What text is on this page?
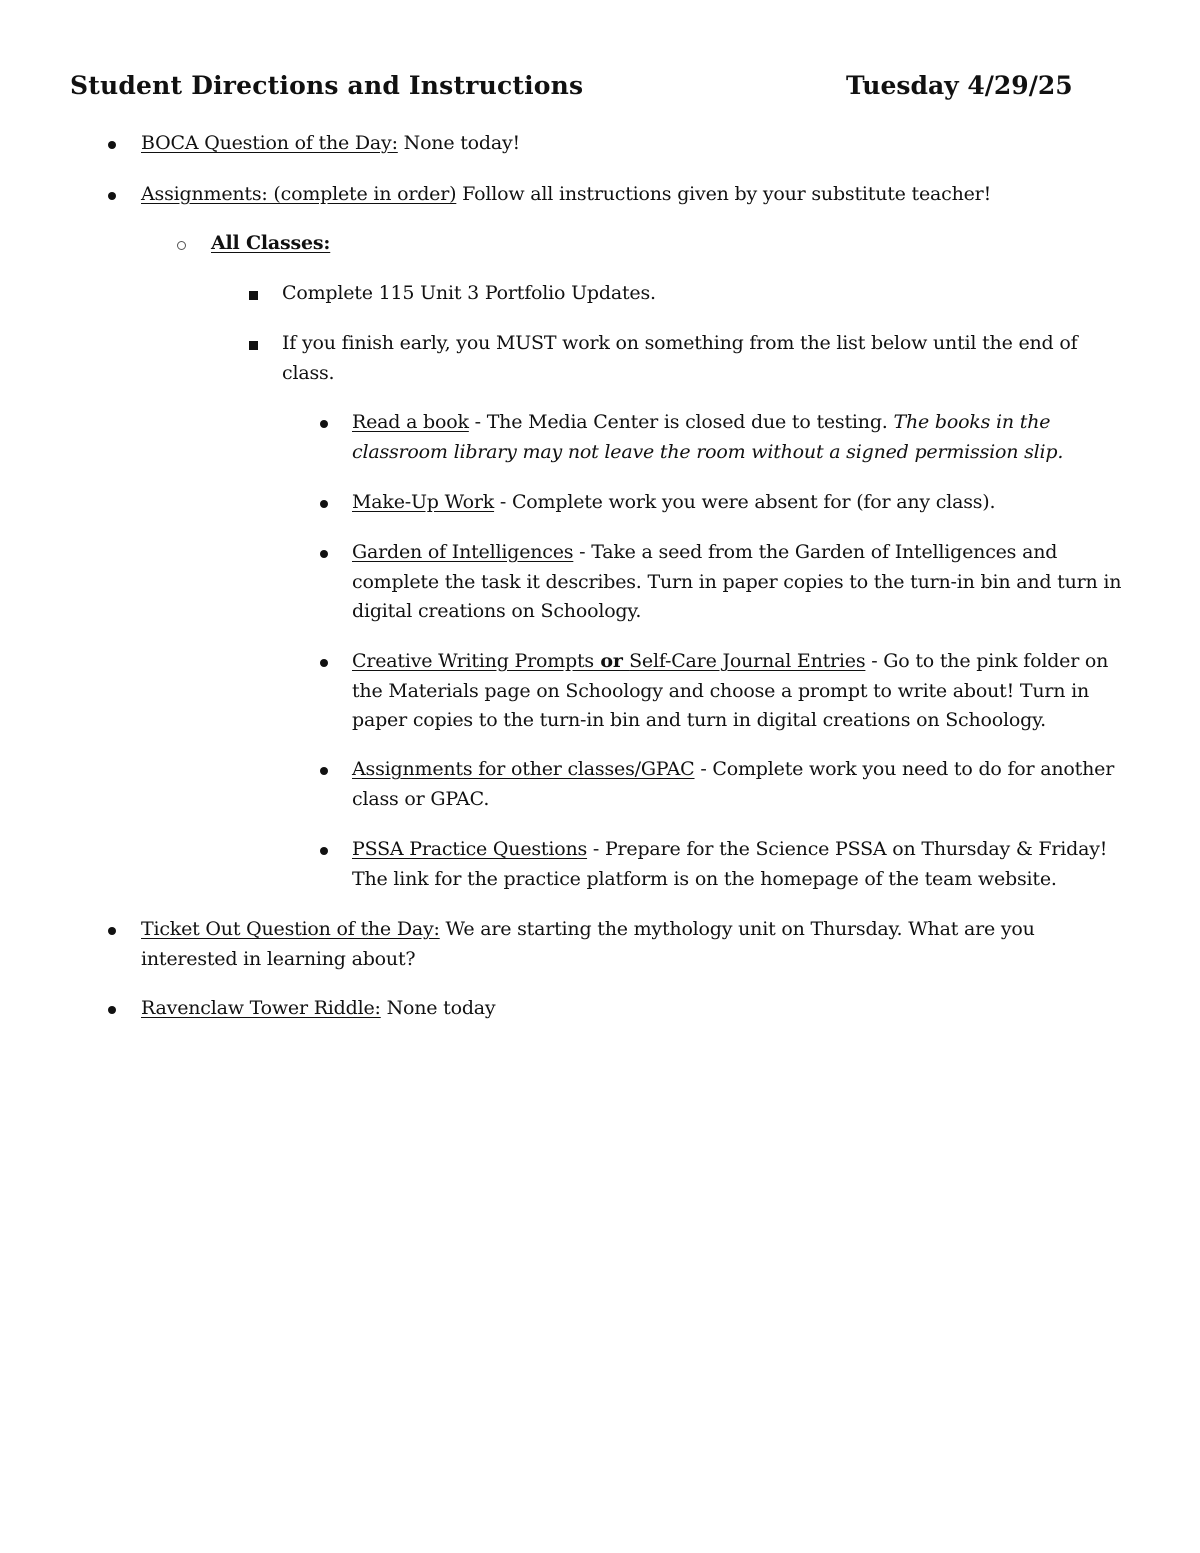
Student Directions and Instructions	Tuesday 4/29/25
BOCA Question of the Day: None today!
Assignments: (complete in order) Follow all instructions given by your substitute teacher!
All Classes:
Complete 115 Unit 3 Portfolio Updates.
If you finish early, you MUST work on something from the list below until the end of class.
Read a book - The Media Center is closed due to testing. The books in the classroom library may not leave the room without a signed permission slip.
Make-Up Work - Complete work you were absent for (for any class).
Garden of Intelligences - Take a seed from the Garden of Intelligences and complete the task it describes. Turn in paper copies to the turn-in bin and turn in digital creations on Schoology.
Creative Writing Prompts or Self-Care Journal Entries - Go to the pink folder on the Materials page on Schoology and choose a prompt to write about! Turn in paper copies to the turn-in bin and turn in digital creations on Schoology.
Assignments for other classes/GPAC - Complete work you need to do for another class or GPAC.
PSSA Practice Questions - Prepare for the Science PSSA on Thursday & Friday! The link for the practice platform is on the homepage of the team website.
Ticket Out Question of the Day: We are starting the mythology unit on Thursday. What are you interested in learning about?
Ravenclaw Tower Riddle: None today
